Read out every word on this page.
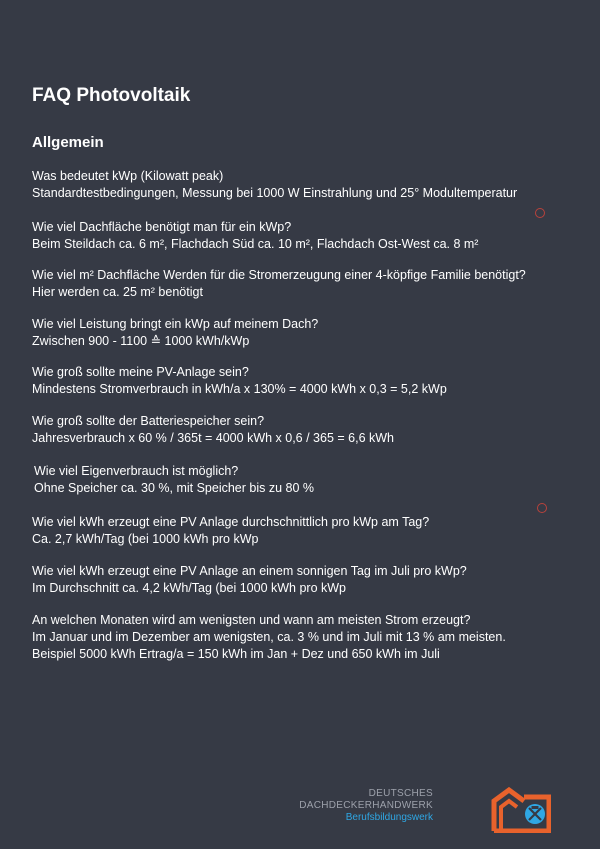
FAQ Photovoltaik
Allgemein

Was bedeutet kWp (Kilowatt peak)

Standardtestbedingungen, Messung bei 1000 W Einstrahlung und 25° Modultemperatur

Wie viel Dachfläche benötigt man für ein kWp?

Beim Steildach ca. 6 m², Flachdach Süd ca. 10 m², Flachdach Ost-West ca. 8 m²

Wie viel m² Dachfläche Werden für die Stromerzeugung einer 4-köpfige Familie benötigt?

Hier werden ca. 25 m² benötigt

Wie viel Leistung bringt ein kWp auf meinem Dach?

Zwischen 900 - 1100 ≙ 1000 kWh/kWp

Wie groß sollte meine PV-Anlage sein?

Mindestens Stromverbrauch in kWh/a x 130% = 4000 kWh x 0,3 = 5,2 kWp

Wie groß sollte der Batteriespeicher sein?

Jahresverbrauch x 60 % / 365t = 4000 kWh x 0,6 / 365 = 6,6 kWh

Wie viel Eigenverbrauch ist möglich?

Ohne Speicher ca. 30 %, mit Speicher bis zu 80 %

Wie viel kWh erzeugt eine PV Anlage durchschnittlich pro kWp am Tag?

Ca. 2,7 kWh/Tag (bei 1000 kWh pro kWp

Wie viel kWh erzeugt eine PV Anlage an einem sonnigen Tag im Juli pro kWp?

Im Durchschnitt ca. 4,2 kWh/Tag (bei 1000 kWh pro kWp

An welchen Monaten wird am wenigsten und wann am meisten Strom erzeugt?

Im Januar und im Dezember am wenigsten, ca. 3 % und im Juli mit 13 % am meisten.

Beispiel 5000 kWh Ertrag/a = 150 kWh im Jan + Dez und 650 kWh im Juli

DEUTSCHES
DACHDECKERHANDWERK
Berufsbildungswerk
